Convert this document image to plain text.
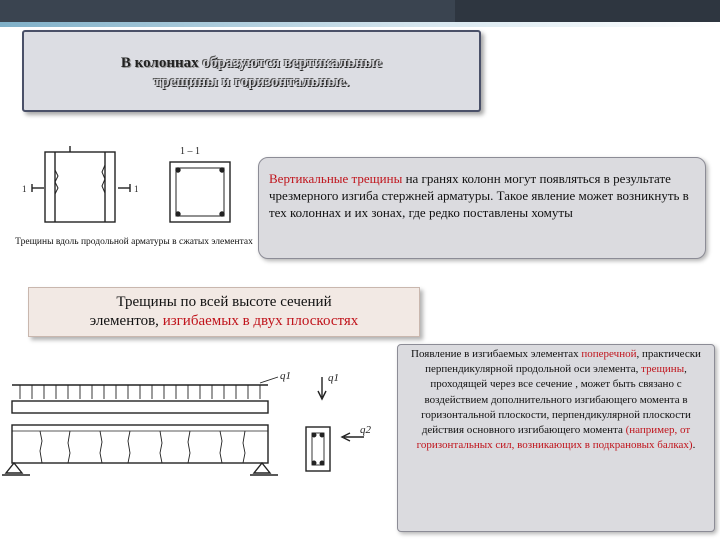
В колоннах образуются вертикальные
трещины и горизонтальные.
1 – 1
1	1
Трещины вдоль продольной арматуры в сжатых элементах

Вертикальные трещины на гранях колонн могут появляться в результате чрезмерного изгиба стержней арматуры. Такое явление может возникнуть в тех колоннах и их зонах, где редко поставлены хомуты

Трещины по всей высоте сечений
элементов, изгибаемых в двух плоскостях

q1	q1
q2

Появление в изгибаемых элементах поперечной, практически перпендикулярной продольной оси элемента, трещины, проходящей через все сечение , может быть связано с воздействием дополнительного изгибающего момента в горизонтальной плоскости, перпендикулярной плоскости действия основного изгибающего момента (например, от горизонтальных сил, возникающих в подкрановых балках).
